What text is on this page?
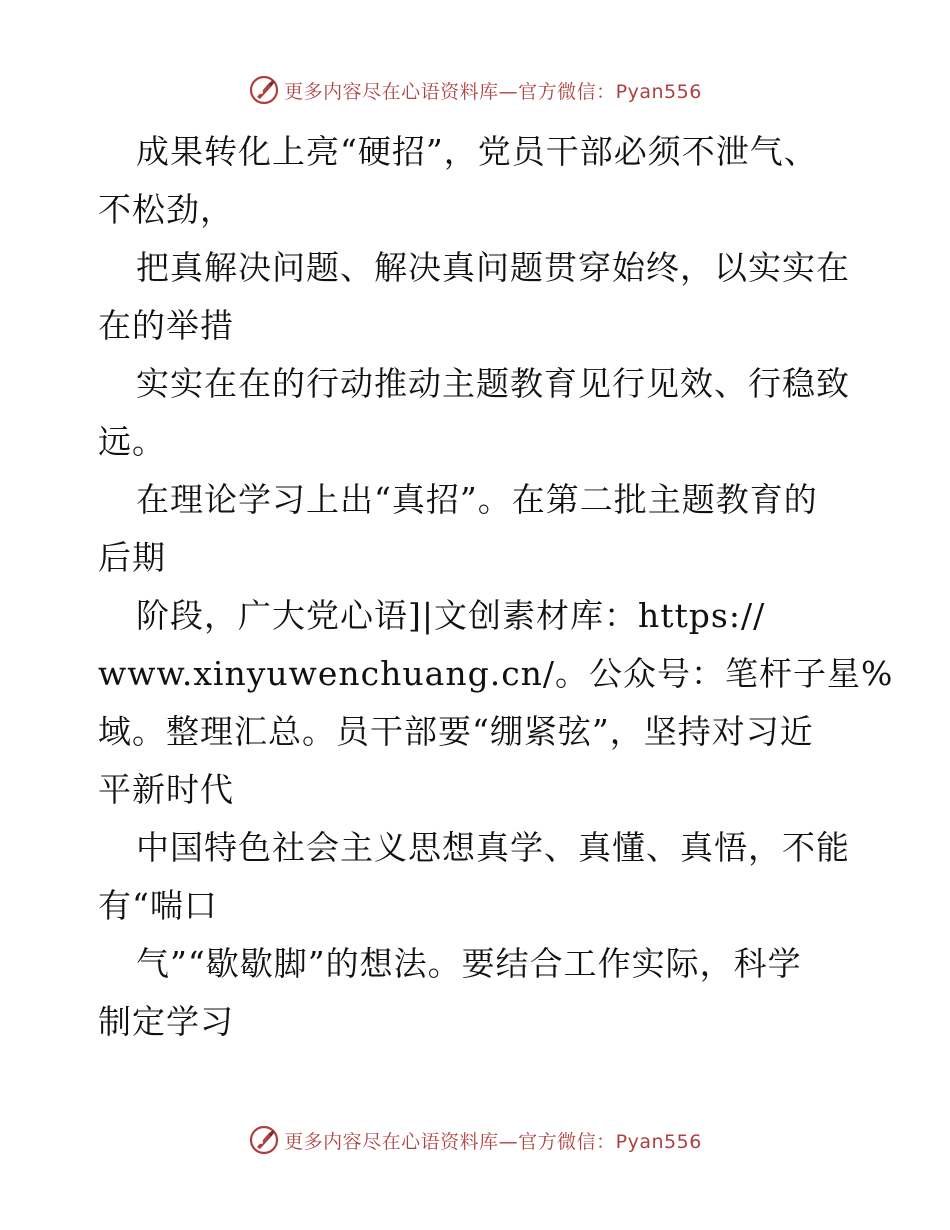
更多内容尽在心语资料库—官方微信：Pyan556
成果转化上亮“硬招”，党员干部必须不泄气、
不松劲，
把真解决问题、解决真问题贯穿始终，以实实在
在的举措
实实在在的行动推动主题教育见行见效、行稳致
远。
在理论学习上出“真招”。在第二批主题教育的
后期
阶段，广大党心语]|文创素材库：https://
www.xinyuwenchuang.cn/。公众号：笔杆子星%
域。整理汇总。员干部要“绷紧弦”，坚持对习近
平新时代
中国特色社会主义思想真学、真懂、真悟，不能
有“喘口
气”“歇歇脚”的想法。要结合工作实际，科学
制定学习
更多内容尽在心语资料库—官方微信：Pyan556
